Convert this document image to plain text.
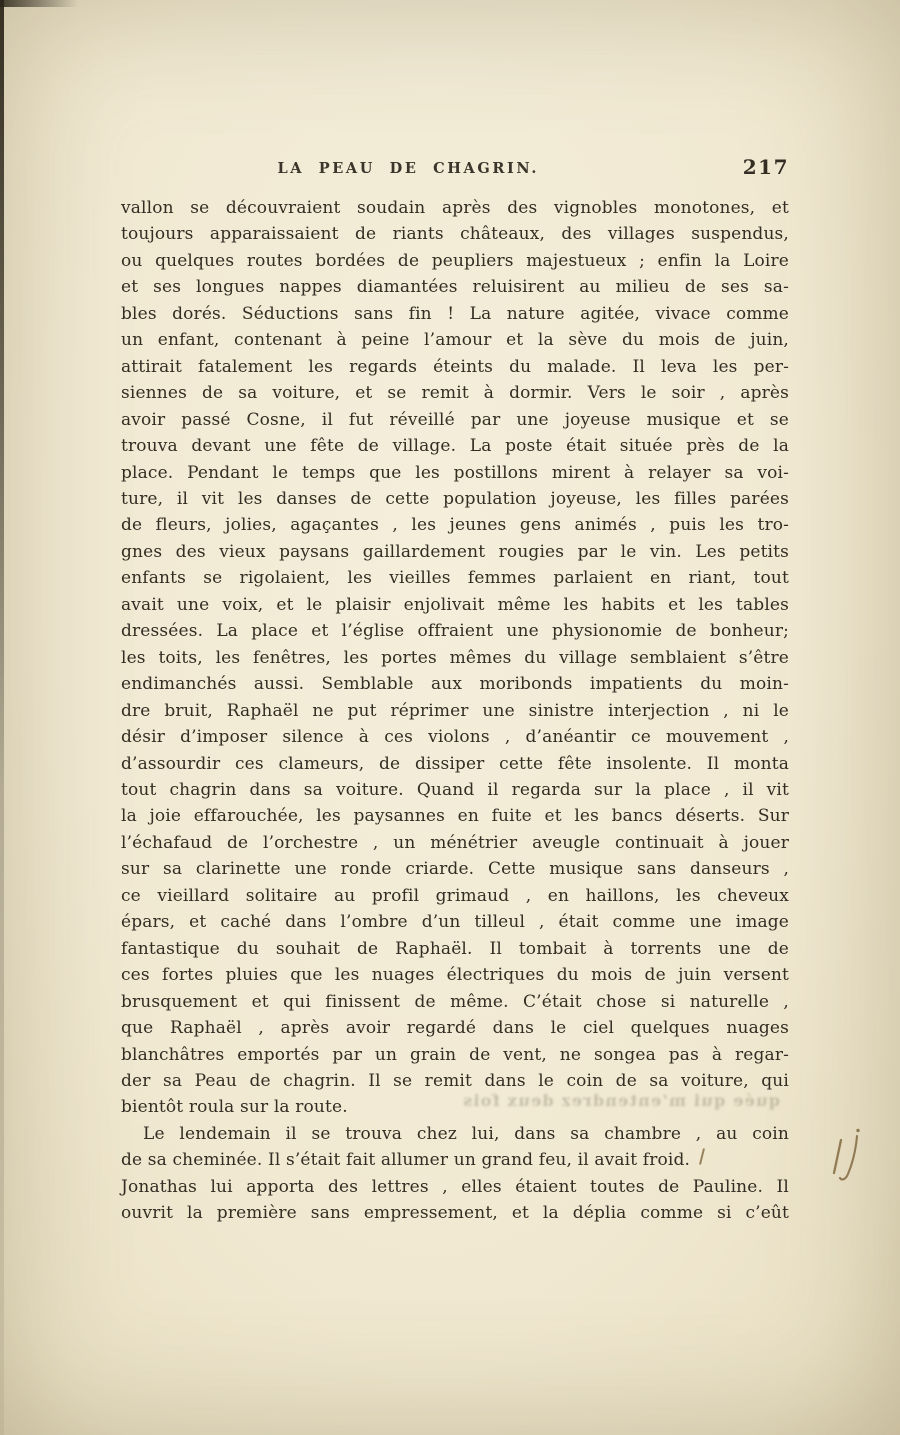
LA PEAU DE CHAGRIN.	217
vallon se découvraient soudain après des vignobles monotones, et
toujours apparaissaient de riants châteaux, des villages suspendus,
ou quelques routes bordées de peupliers majestueux ; enfin la Loire
et ses longues nappes diamantées reluisirent au milieu de ses sa-
bles dorés. Séductions sans fin ! La nature agitée, vivace comme
un enfant, contenant à peine l’amour et la sève du mois de juin,
attirait fatalement les regards éteints du malade. Il leva les per-
siennes de sa voiture, et se remit à dormir. Vers le soir , après
avoir passé Cosne, il fut réveillé par une joyeuse musique et se
trouva devant une fête de village. La poste était située près de la
place. Pendant le temps que les postillons mirent à relayer sa voi-
ture, il vit les danses de cette population joyeuse, les filles parées
de fleurs, jolies, agaçantes , les jeunes gens animés , puis les tro-
gnes des vieux paysans gaillardement rougies par le vin. Les petits
enfants se rigolaient, les vieilles femmes parlaient en riant, tout
avait une voix, et le plaisir enjolivait même les habits et les tables
dressées. La place et l’église offraient une physionomie de bonheur;
les toits, les fenêtres, les portes mêmes du village semblaient s’être
endimanchés aussi. Semblable aux moribonds impatients du moin-
dre bruit, Raphaël ne put réprimer une sinistre interjection , ni le
désir d’imposer silence à ces violons , d’anéantir ce mouvement ,
d’assourdir ces clameurs, de dissiper cette fête insolente. Il monta
tout chagrin dans sa voiture. Quand il regarda sur la place , il vit
la joie effarouchée, les paysannes en fuite et les bancs déserts. Sur
l’échafaud de l’orchestre , un ménétrier aveugle continuait à jouer
sur sa clarinette une ronde criarde. Cette musique sans danseurs ,
ce vieillard solitaire au profil grimaud , en haillons, les cheveux
épars, et caché dans l’ombre d’un tilleul , était comme une image
fantastique du souhait de Raphaël. Il tombait à torrents une de
ces fortes pluies que les nuages électriques du mois de juin versent
brusquement et qui finissent de même. C’était chose si naturelle ,
que Raphaël , après avoir regardé dans le ciel quelques nuages
blanchâtres emportés par un grain de vent, ne songea pas à regar-
der sa Peau de chagrin. Il se remit dans le coin de sa voiture, qui
bientôt roula sur la route.
Le lendemain il se trouva chez lui, dans sa chambre , au coin
de sa cheminée. Il s’était fait allumer un grand feu, il avait froid.
Jonathas lui apporta des lettres , elles étaient toutes de Pauline. Il
ouvrit la première sans empressement, et la déplia comme si c’eût
quée qui m’entendrez deux fois
